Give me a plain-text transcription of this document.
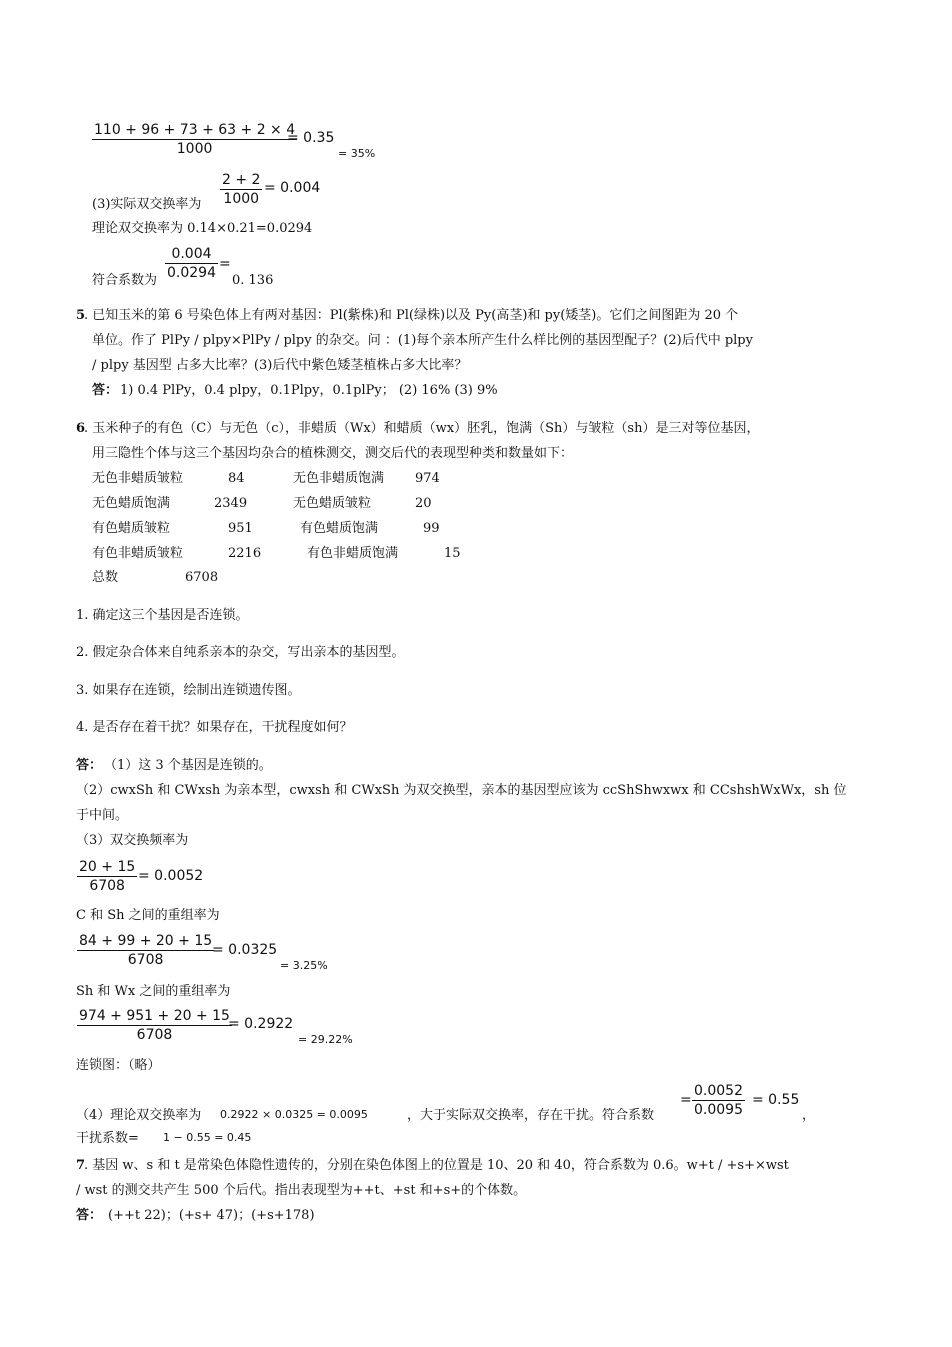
$\frac{110 + 96 + 73 + 63 + 2 \times 4}{1000}$
= 0.35
= 35%
(3)实际双交换率为 $\frac{2 + 2}{1000} = 0.004$
理论双交换率为 0.14×0.21=0.0294
符合系数为 $\frac{0.004}{0.0294}$ =
0. 136
5
. 已知玉米的第 6 号染色体上有两对基因：Pl(紫株)和 Pl(绿株)以及 Py(高茎)和 py(矮茎)。它们之间图距为 20 个
单位。作了 PlPy / plpy×PlPy / plpy 的杂交。问 ：(1)每个亲本所产生什么样比例的基因型配子？(2)后代中 plpy
/ plpy 基因型 占多大比率？(3)后代中紫色矮茎植株占多大比率？
答： 1) 0.4 PlPy，0.4 plpy，0.1Plpy，0.1plPy； (2) 16% (3) 9%
6
. 玉米种子的有色（C）与无色（c），非蜡质（Wx）和蜡质（wx）胚乳，饱满（Sh）与皱粒（sh）是三对等位基因，
用三隐性个体与这三个基因均杂合的植株测交，测交后代的表现型种类和数量如下：
无色非蜡质皱粒	84	无色非蜡质饱满 974
无色蜡质饱满	2349	无色蜡质皱粒	20
有色蜡质皱粒	951	有色蜡质饱满	99
有色非蜡质皱粒	2216	有色非蜡质饱满	15
总数	6708
1. 确定这三个基因是否连锁。
2. 假定杂合体来自纯系亲本的杂交，写出亲本的基因型。
3. 如果存在连锁，绘制出连锁遗传图。
4. 是否存在着干扰？如果存在，干扰程度如何？
答： （1）这 3 个基因是连锁的。
（2）cwxSh 和 CWxsh 为亲本型，cwxsh 和 CWxSh 为双交换型，亲本的基因型应该为 ccShShwxwx 和 CCshshWxWx，sh 位
于中间。
（3）双交换频率为
$\frac{20 + 15}{6708} = 0.0052$
C 和 Sh 之间的重组率为
$\frac{84 + 99 + 20 + 15}{6708}$
= 0.0325
= 3.25%
Sh 和 Wx 之间的重组率为
$\frac{974 + 951 + 20 + 15}{6708}$
= 0.2922
= 29.22%
连锁图：（略）
（4）理论双交换率为 0.2922 × 0.0325 = 0.0095	，大于实际双交换率，存在干扰。符合系数
= $\frac{0.0052}{0.0095} = 0.55$
，
干扰系数= 1 − 0.55 = 0.45
7
. 基因 w、s 和 t 是常染色体隐性遗传的，分别在染色体图上的位置是 10、20 和 40，符合系数为 0.6。w+t / +s+×wst
/ wst 的测交共产生 500 个后代。指出表现型为++t、+st 和+s+的个体数。
答： (++t 22)；(+s+ 47)；(+s+178)
